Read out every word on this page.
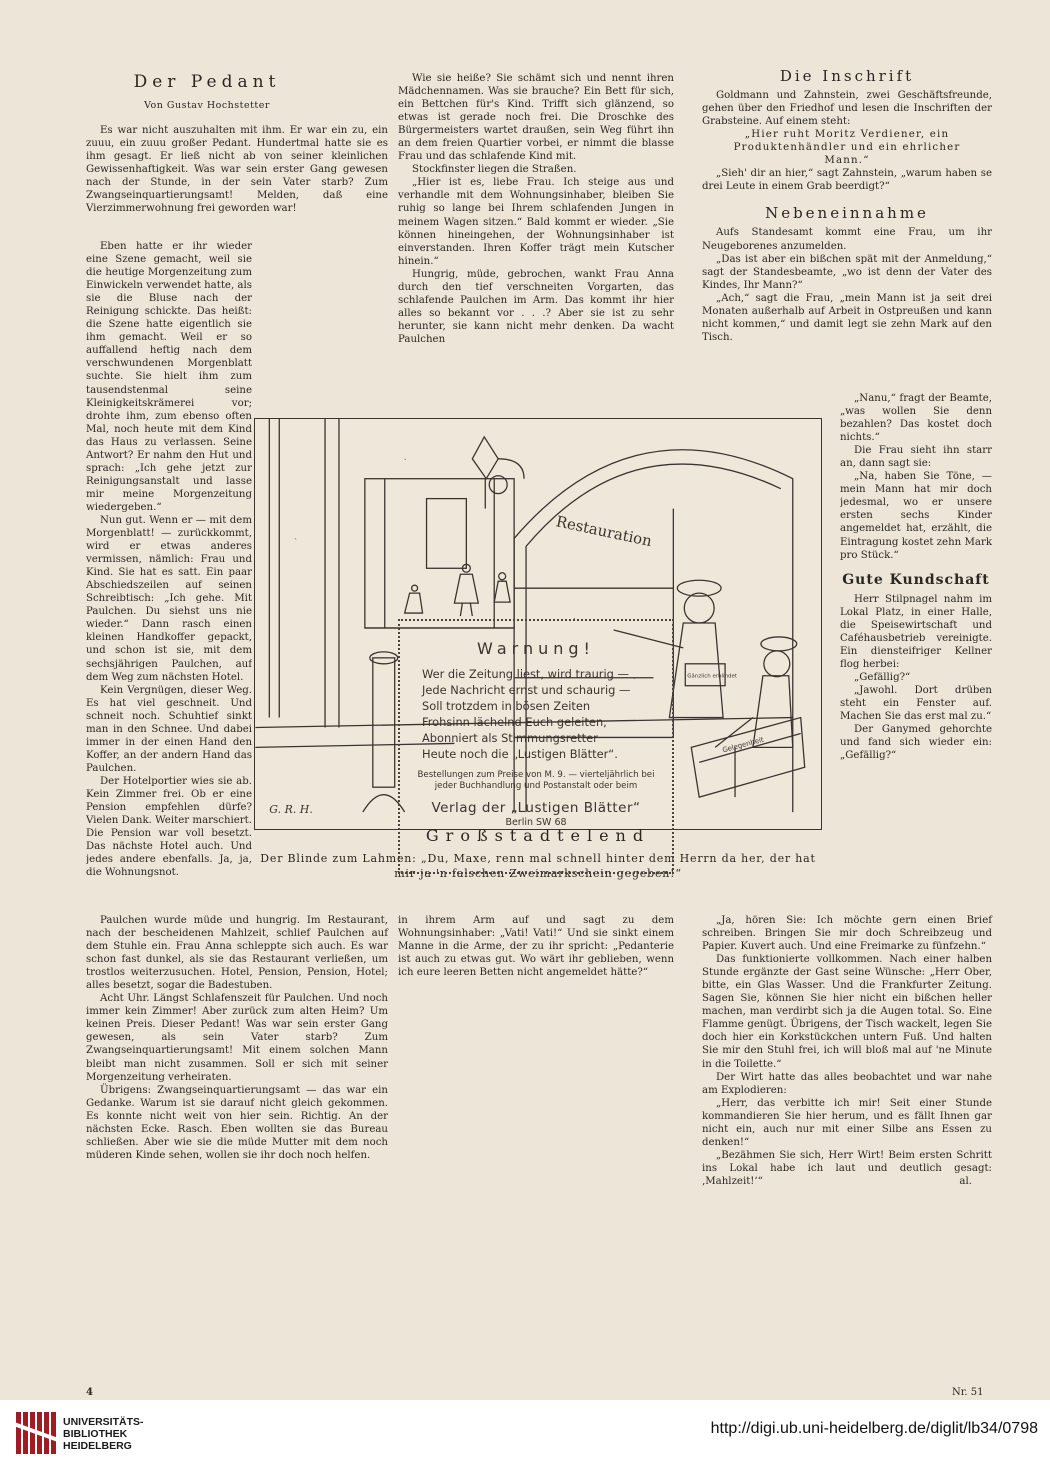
Der Pedant
Von Gustav Hochstetter

Es war nicht auszuhalten mit ihm. Er war ein zu, ein zuuu, ein zuuu großer Pedant. Hundertmal hatte sie es ihm gesagt. Er ließ nicht ab von seiner kleinlichen Gewissenhaftigkeit. Was war sein erster Gang gewesen nach der Stunde, in der sein Vater starb? Zum Zwangseinquartierungsamt! Melden, daß eine Vierzimmerwohnung frei geworden war!

Eben hatte er ihr wieder eine Szene gemacht, weil sie die heutige Morgenzeitung zum Einwickeln verwendet hatte, als sie die Bluse nach der Reinigung schickte. Das heißt: die Szene hatte eigentlich sie ihm gemacht. Weil er so auffallend heftig nach dem verschwundenen Morgenblatt suchte. Sie hielt ihm zum tausendstenmal seine Kleinigkeitskrämerei vor; drohte ihm, zum ebenso often Mal, noch heute mit dem Kind das Haus zu verlassen. Seine Antwort? Er nahm den Hut und sprach: „Ich gehe jetzt zur Reinigungsanstalt und lasse mir meine Morgenzeitung wiedergeben.“

Nun gut. Wenn er — mit dem Morgenblatt! — zurückkommt, wird er etwas anderes vermissen, nämlich: Frau und Kind. Sie hat es satt. Ein paar Abschiedszeilen auf seinen Schreibtisch: „Ich gehe. Mit Paulchen. Du siehst uns nie wieder.“ Dann rasch einen kleinen Handkoffer gepackt, und schon ist sie, mit dem sechsjährigen Paulchen, auf dem Weg zum nächsten Hotel.

Kein Vergnügen, dieser Weg. Es hat viel geschneit. Und schneit noch. Schuhtief sinkt man in den Schnee. Und dabei immer in der einen Hand den Koffer, an der andern Hand das Paulchen.

Der Hotelportier wies sie ab. Kein Zimmer frei. Ob er eine Pension empfehlen dürfe? Vielen Dank. Weiter marschiert. Die Pension war voll besetzt. Das nächste Hotel auch. Und jedes andere ebenfalls. Ja, ja, die Wohnungsnot.

Paulchen wurde müde und hungrig. Im Restaurant, nach der bescheidenen Mahlzeit, schlief Paulchen auf dem Stuhle ein. Frau Anna schleppte sich auch. Es war schon fast dunkel, als sie das Restaurant verließen, um trostlos weiterzusuchen. Hotel, Pension, Pension, Hotel; alles besetzt, sogar die Badestuben.

Acht Uhr. Längst Schlafenszeit für Paulchen. Und noch immer kein Zimmer! Aber zurück zum alten Heim? Um keinen Preis. Dieser Pedant! Was war sein erster Gang gewesen, als sein Vater starb? Zum Zwangseinquartierungsamt! Mit einem solchen Mann bleibt man nicht zusammen. Soll er sich mit seiner Morgenzeitung verheiraten.

Übrigens: Zwangseinquartierungsamt — das war ein Gedanke. Warum ist sie darauf nicht gleich gekommen. Es konnte nicht weit von hier sein. Richtig. An der nächsten Ecke. Rasch. Eben wollten sie das Bureau schließen. Aber wie sie die müde Mutter mit dem noch müderen Kinde sehen, wollen sie ihr doch noch helfen.

Wie sie heiße? Sie schämt sich und nennt ihren Mädchennamen. Was sie brauche? Ein Bett für sich, ein Bettchen für's Kind. Trifft sich glänzend, so etwas ist gerade noch frei. Die Droschke des Bürgermeisters wartet draußen, sein Weg führt ihn an dem freien Quartier vorbei, er nimmt die blasse Frau und das schlafende Kind mit.

Stockfinster liegen die Straßen.

„Hier ist es, liebe Frau. Ich steige aus und verhandle mit dem Wohnungsinhaber, bleiben Sie ruhig so lange bei Ihrem schlafenden Jungen in meinem Wagen sitzen.“ Bald kommt er wieder. „Sie können hineingehen, der Wohnungsinhaber ist einverstanden. Ihren Koffer trägt mein Kutscher hinein.“

Hungrig, müde, gebrochen, wankt Frau Anna durch den tief verschneiten Vorgarten, das schlafende Paulchen im Arm. Das kommt ihr hier alles so bekannt vor . . .? Aber sie ist zu sehr herunter, sie kann nicht mehr denken. Da wacht Paulchen

in ihrem Arm auf und sagt zu dem Wohnungsinhaber: „Vati! Vati!“ Und sie sinkt einem Manne in die Arme, der zu ihr spricht: „Pedanterie ist auch zu etwas gut. Wo wärt ihr geblieben, wenn ich eure leeren Betten nicht angemeldet hätte?“

Die Inschrift

Goldmann und Zahnstein, zwei Geschäftsfreunde, gehen über den Friedhof und lesen die Inschriften der Grabsteine. Auf einem steht:

„Hier ruht Moritz Verdiener, ein Produktenhändler und ein ehrlicher Mann.“

„Sieh' dir an hier,“ sagt Zahnstein, „warum haben se drei Leute in einem Grab beerdigt?“

Nebeneinnahme

Aufs Standesamt kommt eine Frau, um ihr Neugeborenes anzumelden.

„Das ist aber ein bißchen spät mit der Anmeldung,“ sagt der Standesbeamte, „wo ist denn der Vater des Kindes, Ihr Mann?“

„Ach,“ sagt die Frau, „mein Mann ist ja seit drei Monaten außerhalb auf Arbeit in Ostpreußen und kann nicht kommen,“ und damit legt sie zehn Mark auf den Tisch.

„Nanu,“ fragt der Beamte, „was wollen Sie denn bezahlen? Das kostet doch nichts.“

Die Frau sieht ihn starr an, dann sagt sie:

„Na, haben Sie Töne, — mein Mann hat mir doch jedesmal, wo er unsere ersten sechs Kinder angemeldet hat, erzählt, die Eintragung kostet zehn Mark pro Stück.“

Gute Kundschaft

Herr Stilpnagel nahm im Lokal Platz, in einer Halle, die Speisewirtschaft und Caféhausbetrieb vereinigte. Ein diensteifriger Kellner flog herbei:

„Gefällig?“

„Jawohl. Dort drüben steht ein Fenster auf. Machen Sie das erst mal zu.“

Der Ganymed gehorchte und fand sich wieder ein: „Gefällig?“

„Ja, hören Sie: Ich möchte gern einen Brief schreiben. Bringen Sie mir doch Schreibzeug und Papier. Kuvert auch. Und eine Freimarke zu fünfzehn.“

Das funktionierte vollkommen. Nach einer halben Stunde ergänzte der Gast seine Wünsche: „Herr Ober, bitte, ein Glas Wasser. Und die Frankfurter Zeitung. Sagen Sie, können Sie hier nicht ein bißchen heller machen, man verdirbt sich ja die Augen total. So. Eine Flamme genügt. Übrigens, der Tisch wackelt, legen Sie doch hier ein Korkstückchen untern Fuß. Und halten Sie mir den Stuhl frei, ich will bloß mal auf 'ne Minute in die Toilette.“

Der Wirt hatte das alles beobachtet und war nahe am Explodieren:

„Herr, das verbitte ich mir! Seit einer Stunde kommandieren Sie hier herum, und es fällt Ihnen gar nicht ein, auch nur mit einer Silbe ans Essen zu denken!“

„Bezähmen Sie sich, Herr Wirt! Beim ersten Schritt ins Lokal habe ich laut und deutlich gesagt: ‚Mahlzeit!‘“	al.

Restauration
Gänzlich erblindet
Gelegenheit
G. R. H.
Großstadtelend
Der Blinde zum Lahmen: „Du, Maxe, renn mal schnell hinter dem Herrn da her, der hat mir ja 'n falschen Zweimarkschein gegeben!“
Warnung!
Wer die Zeitung liest, wird traurig —
Jede Nachricht ernst und schaurig —
Soll trotzdem in bösen Zeiten
Frohsinn lächelnd Euch geleiten,
Abonniert als Stimmungsretter
Heute noch die „Lustigen Blätter“.
Bestellungen zum Preise von M. 9. — vierteljährlich bei jeder Buchhandlung und Postanstalt oder beim
Verlag der „Lustigen Blätter“
Berlin SW 68
4	Nr. 51
UNIVERSITÄTS-
BIBLIOTHEK
HEIDELBERG
http://digi.ub.uni-heidelberg.de/diglit/lb34/0798
